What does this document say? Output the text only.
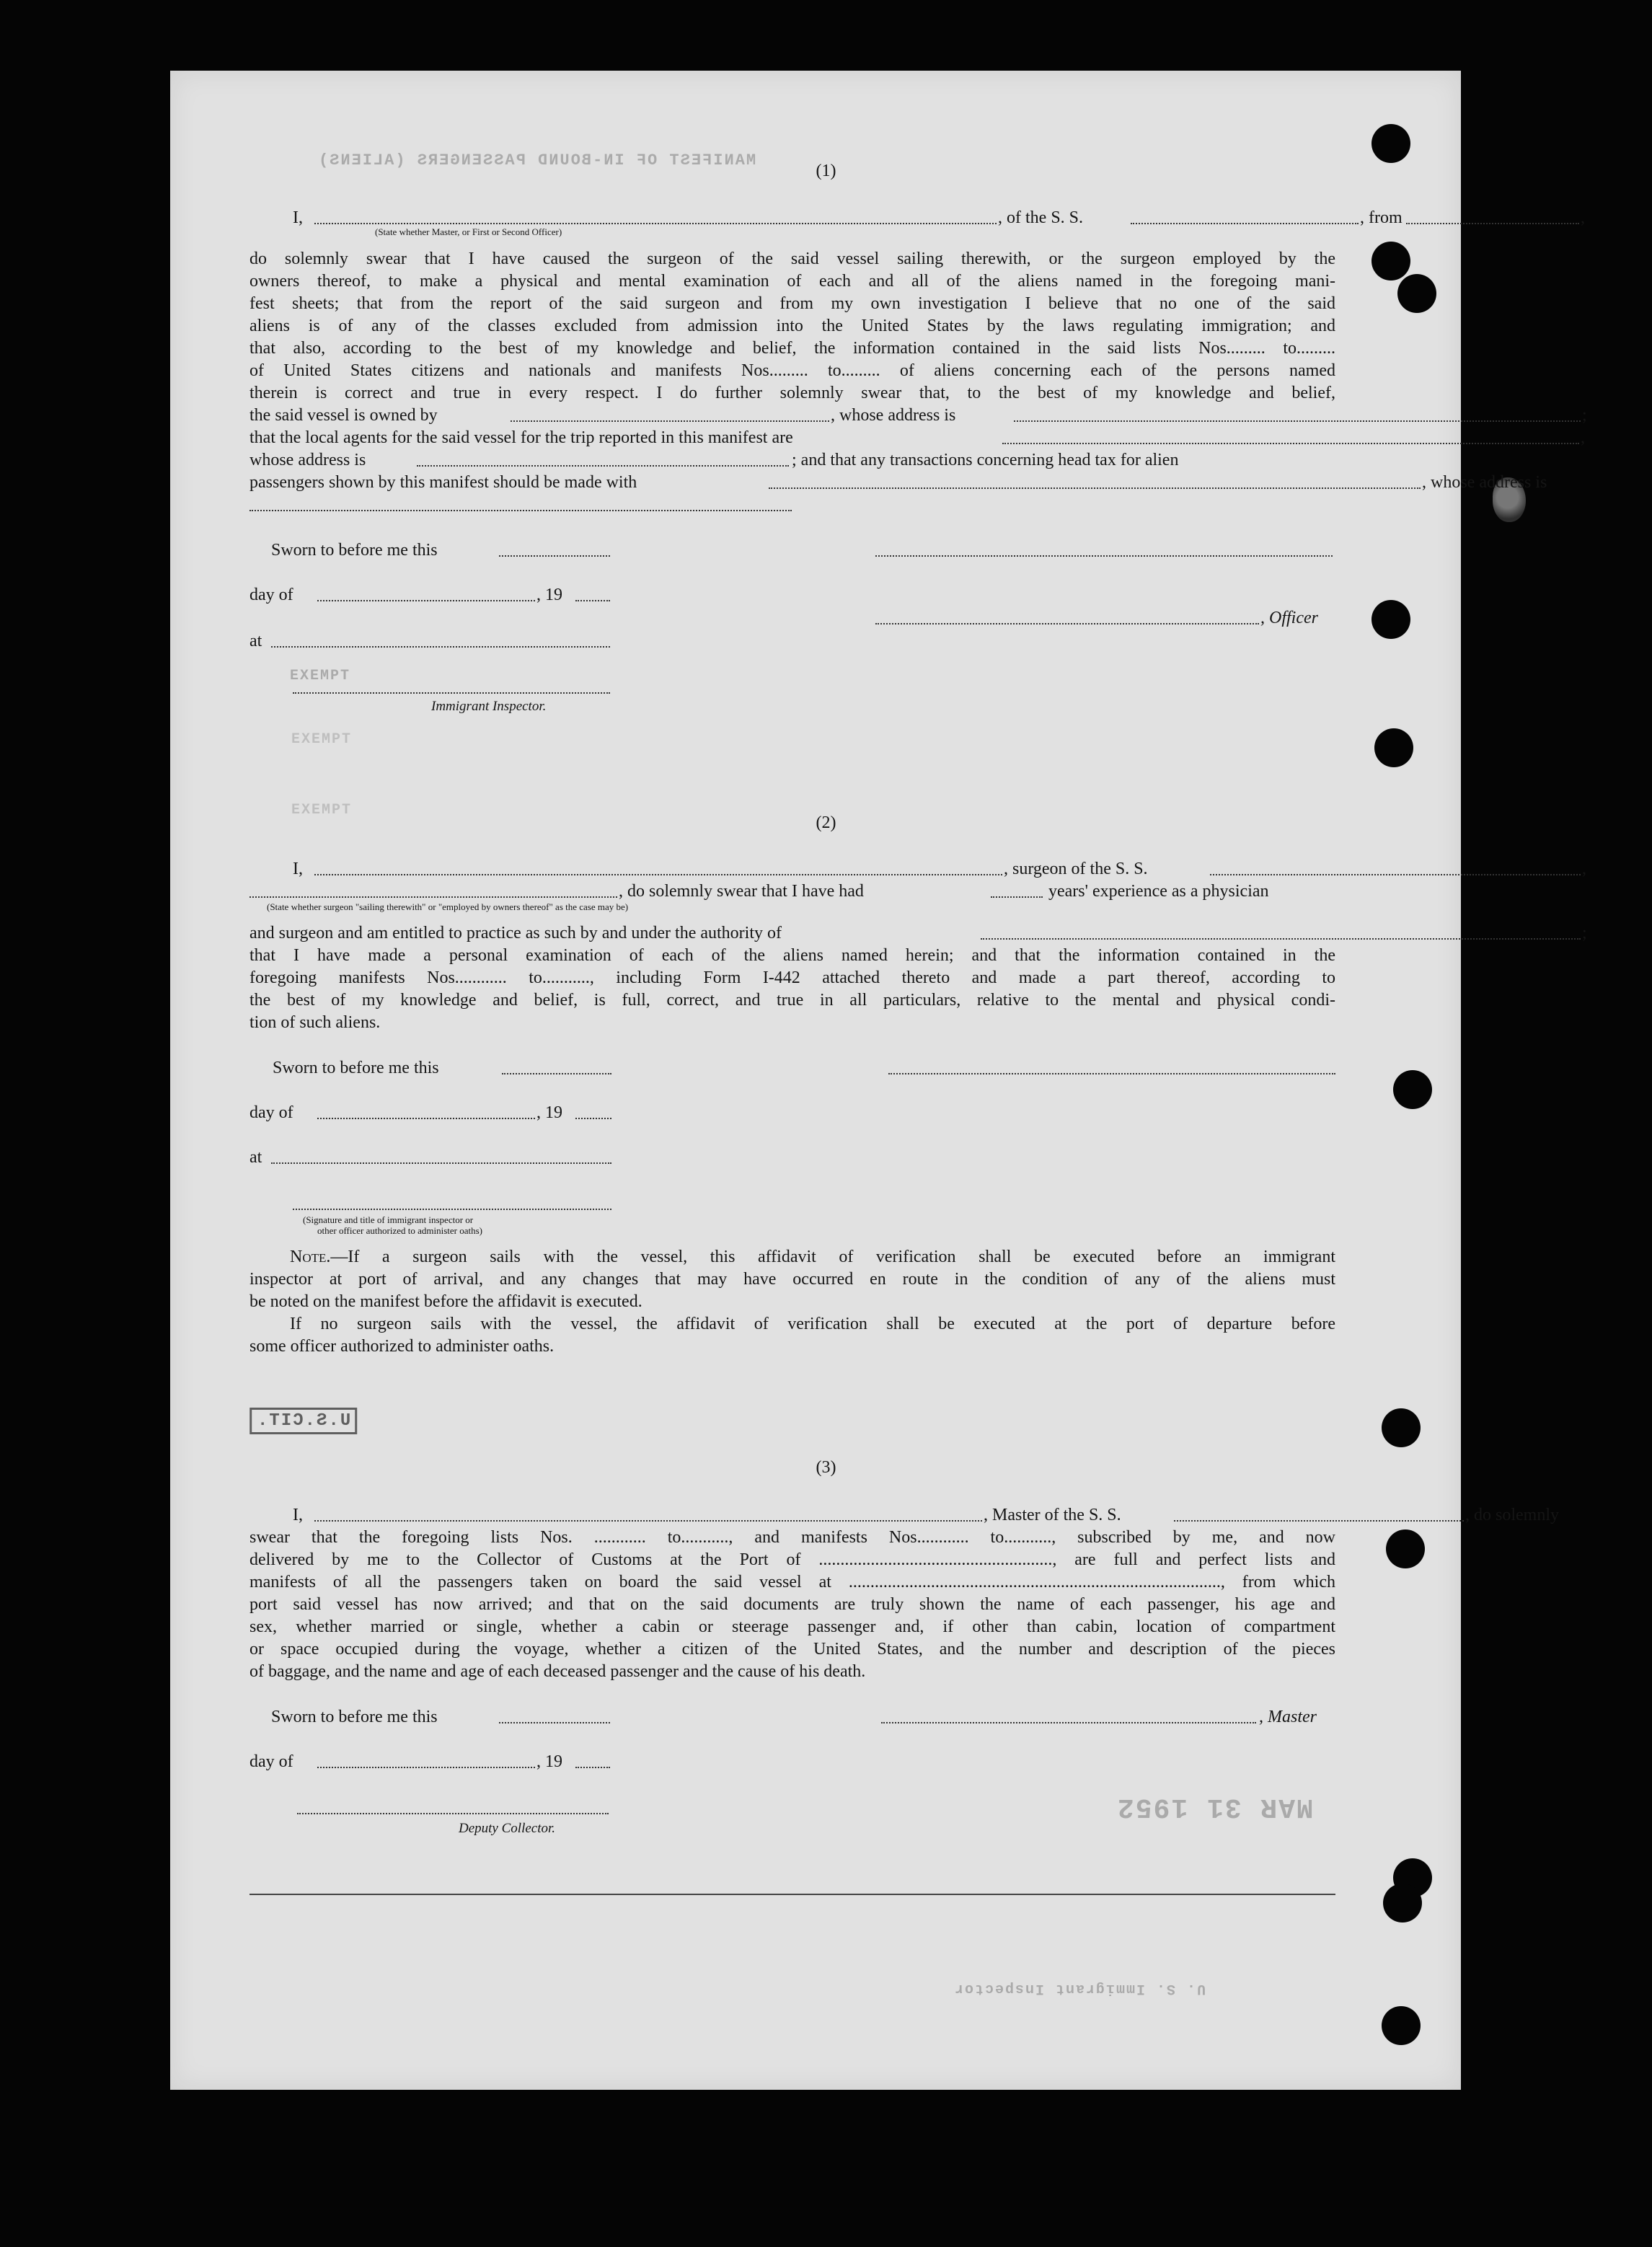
MANIFEST OF IN-BOUND PASSENGERS (ALIENS)
EXEMPT
EXEMPT
EXEMPT
U.S.CIT.
MAR 31 1952
U. S. Immigrant Inspector
(1)
I,	, of the S. S.	, from	,
(State whether Master, or First or Second Officer)
do solemnly swear that I have caused the surgeon of the said vessel sailing therewith, or the surgeon employed by the
owners thereof, to make a physical and mental examination of each and all of the aliens named in the foregoing mani-
fest sheets; that from the report of the said surgeon and from my own investigation I believe that no one of the said
aliens is of any of the classes excluded from admission into the United States by the laws regulating immigration; and
that also, according to the best of my knowledge and belief, the information contained in the said lists Nos......... to.........
of United States citizens and nationals and manifests Nos......... to......... of aliens concerning each of the persons named
therein is correct and true in every respect. I do further solemnly swear that, to the best of my knowledge and belief,
the said vessel is owned by	, whose address is	;
that the local agents for the said vessel for the trip reported in this manifest are	,
whose address is	; and that any transactions concerning head tax for alien
passengers shown by this manifest should be made with	, whose address is
Sworn to before me this
day of	, 19
, Officer
at
Immigrant Inspector.
(2)
I,	, surgeon of the S. S.	,
, do solemnly swear that I have had	years' experience as a physician
(State whether surgeon "sailing therewith" or "employed by owners thereof" as the case may be)
and surgeon and am entitled to practice as such by and under the authority of	;
that I have made a personal examination of each of the aliens named herein; and that the information contained in the
foregoing manifests Nos............ to..........., including Form I-442 attached thereto and made a part thereof, according to
the best of my knowledge and belief, is full, correct, and true in all particulars, relative to the mental and physical condi-
tion of such aliens.
Sworn to before me this
day of	, 19
at
(Signature and title of immigrant inspector or
other officer authorized to administer oaths)
Note.—If a surgeon sails with the vessel, this affidavit of verification shall be executed before an immigrant
inspector at port of arrival, and any changes that may have occurred en route in the condition of any of the aliens must
be noted on the manifest before the affidavit is executed.
If no surgeon sails with the vessel, the affidavit of verification shall be executed at the port of departure before
some officer authorized to administer oaths.
(3)
I,	, Master of the S. S.	, do solemnly
swear that the foregoing lists Nos. ............ to..........., and manifests Nos............ to..........., subscribed by me, and now
delivered by me to the Collector of Customs at the Port of ......................................................, are full and perfect lists and
manifests of all the passengers taken on board the said vessel at ......................................................................................, from which
port said vessel has now arrived; and that on the said documents are truly shown the name of each passenger, his age and
sex, whether married or single, whether a cabin or steerage passenger and, if other than cabin, location of compartment
or space occupied during the voyage, whether a citizen of the United States, and the number and description of the pieces
of baggage, and the name and age of each deceased passenger and the cause of his death.
Sworn to before me this	, Master
day of	, 19
Deputy Collector.
